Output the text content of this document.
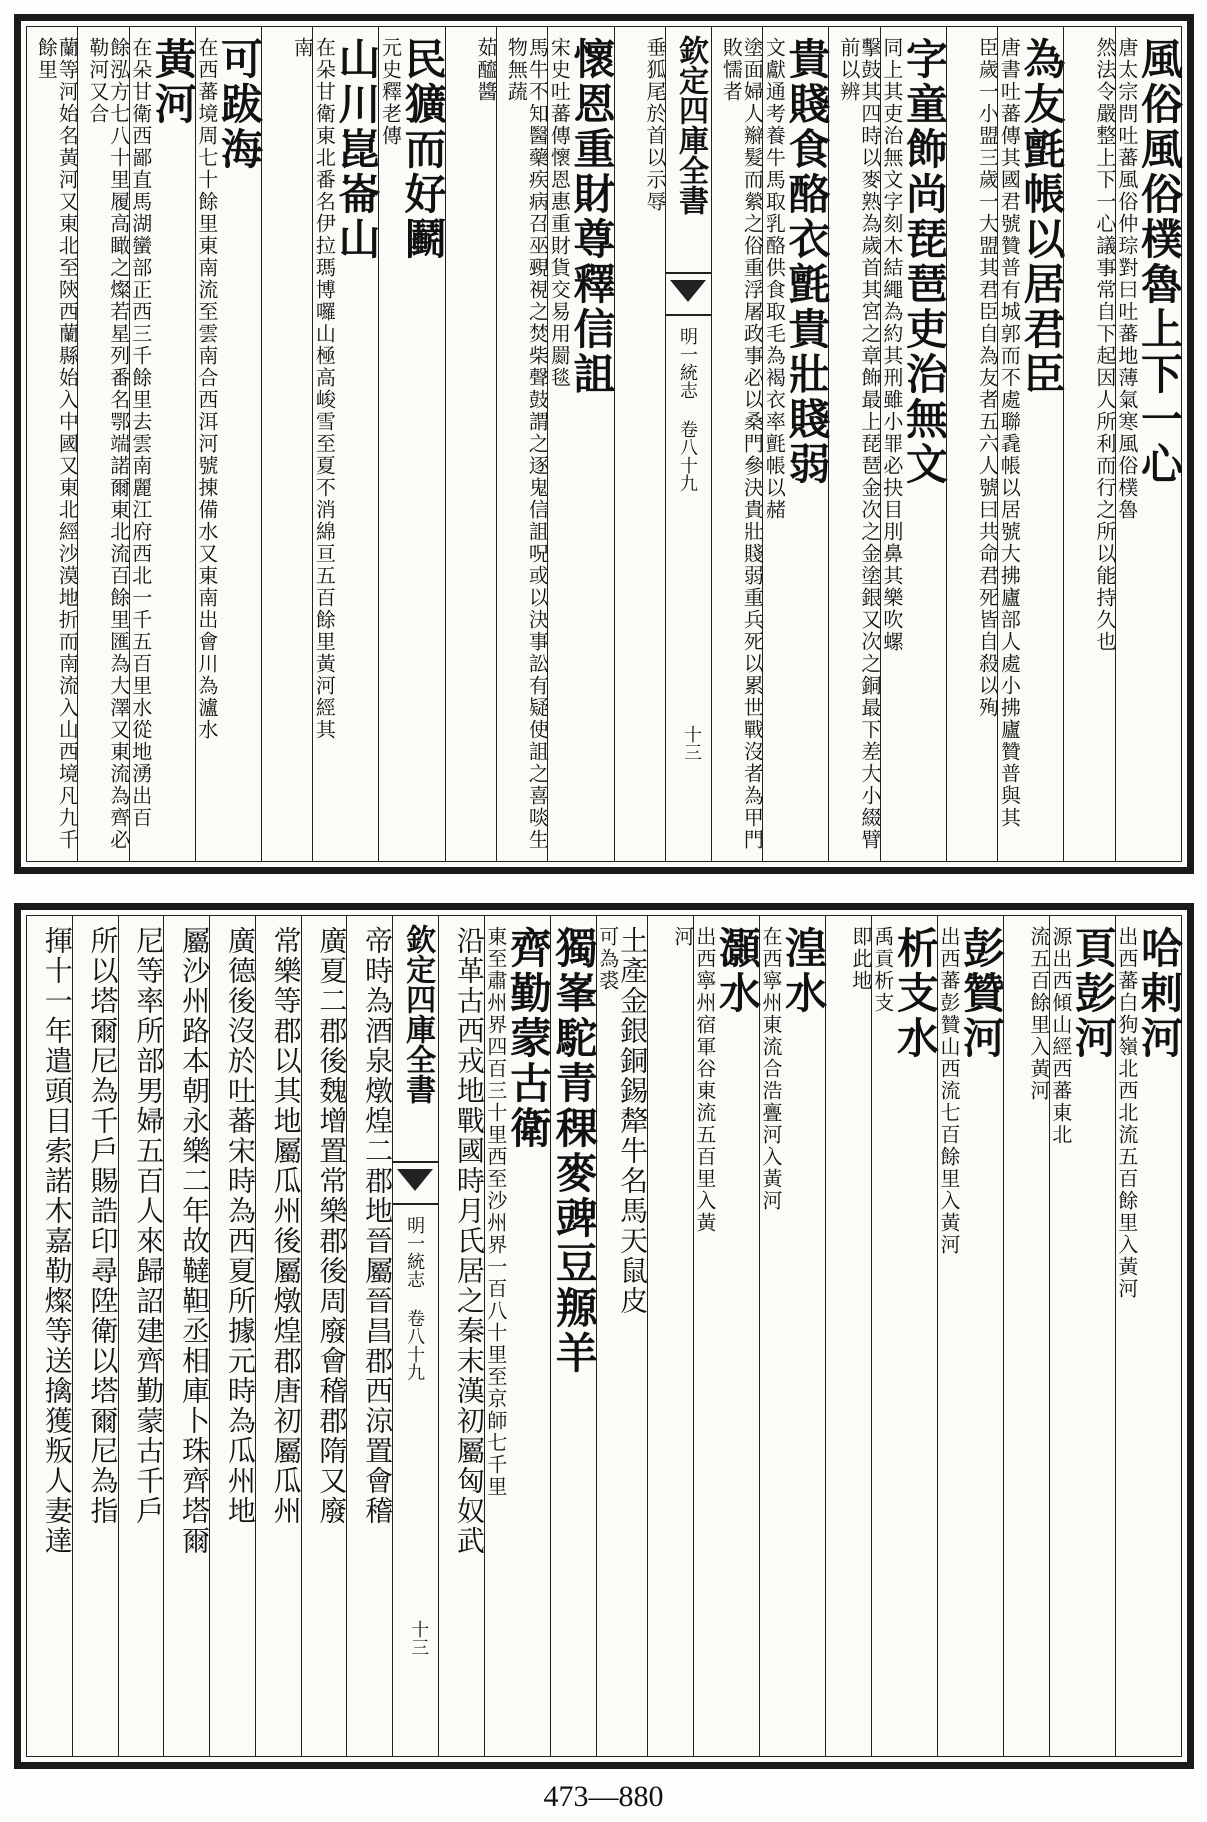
風俗風俗樸魯上下一心
唐太宗問吐蕃風俗仲琮對曰吐蕃地薄氣寒風俗樸魯
然法令嚴整上下一心議事常自下起因人所利而行之所以能持久也
為友氈帳以居君臣
唐書吐蕃傳其國君號贊普有城郭而不處聯毳帳以居號大拂廬部人處小拂廬贊普與其
臣歲一小盟三歲一大盟其君臣自為友者五六人號曰共命君死皆自殺以殉
字童飾尚琵琶吏治無文
同上其吏治無文字刻木結繩為約其刑雖小罪必抉目刖鼻其樂吹螺
擊鼓其四時以麥熟為歲首其宮之章飾最上琵琶金次之金塗銀又次之銅最下差大小綴臂前以辨
貴賤食酪衣氈貴壯賤弱
文獻通考養牛馬取乳酪供食取毛為褐衣率氈帳以赭
塗面婦人辮髮而縈之俗重浮屠政事必以桑門參決貴壯賤弱重兵死以累世戰沒者為甲門敗懦者
欽定四庫全書
明一統志 卷八十九
十三
垂狐尾於首以示辱
懷恩重財尊釋信詛
宋史吐蕃傳懷恩惠重財貨交易用罽毯
馬牛不知醫藥疾病召巫覡視之焚柴聲鼓謂之逐鬼信詛呪或以決事訟有疑使詛之喜啖生物無蔬
茹醯醬
民獷而好鬬
元史釋老傳
山川崑崙山
在朵甘衛東北番名伊拉瑪博囉山極高峻雪至夏不消綿亘五百餘里黃河經其
南
可跋海
在西蕃境周七十餘里東南流至雲南合西洱河號㨂備水又東南出會川為瀘水
黃河
在朵甘衛西鄙直馬湖蠻部正西三千餘里去雲南麗江府西北一千五百里水從地湧出百
餘泓方七八十里履高瞰之燦若星列番名鄂端諾爾東北流百餘里匯為大澤又東流為齊必勒河又合
蘭等河始名黃河又東北至陝西蘭縣始入中國又東北經沙漠地折而南流入山西境凡九千餘里
哈剌河
出西蕃白狗嶺北西北流五百餘里入黃河
頁彭河
源出西傾山經西蕃東北
流五百餘里入黃河
彭贊河
出西蕃彭贊山西流七百餘里入黃河
析支水
禹貢析支
即此地
湟水
在西寧州東流合浩亹河入黃河
灝水
出西寧州宿軍谷東流五百里入黃
河
土產金銀銅錫犛牛名馬天鼠皮
可為裘
獨峯駝青稞麥豍豆羱羊
齊勤蒙古衛
東至肅州界四百三十里西至沙州界一百八十里至京師七千里
沿革古西戎地戰國時月氏居之秦末漢初屬匈奴武
欽定四庫全書
明一統志 卷八十九
十三
帝時為酒泉燉煌二郡地晉屬晉昌郡西涼置會稽
廣夏二郡後魏增置常樂郡後周廢會稽郡隋又廢
常樂等郡以其地屬瓜州後屬燉煌郡唐初屬瓜州
廣德後沒於吐蕃宋時為西夏所據元時為瓜州地
屬沙州路本朝永樂二年故韃靼丞相庫卜珠齊塔爾
尼等率所部男婦五百人來歸詔建齊勤蒙古千戶
所以塔爾尼為千戶賜誥印尋陞衛以塔爾尼為指
揮十一年遣頭目索諾木嘉勒燦等送擒獲叛人妻達
473—880
